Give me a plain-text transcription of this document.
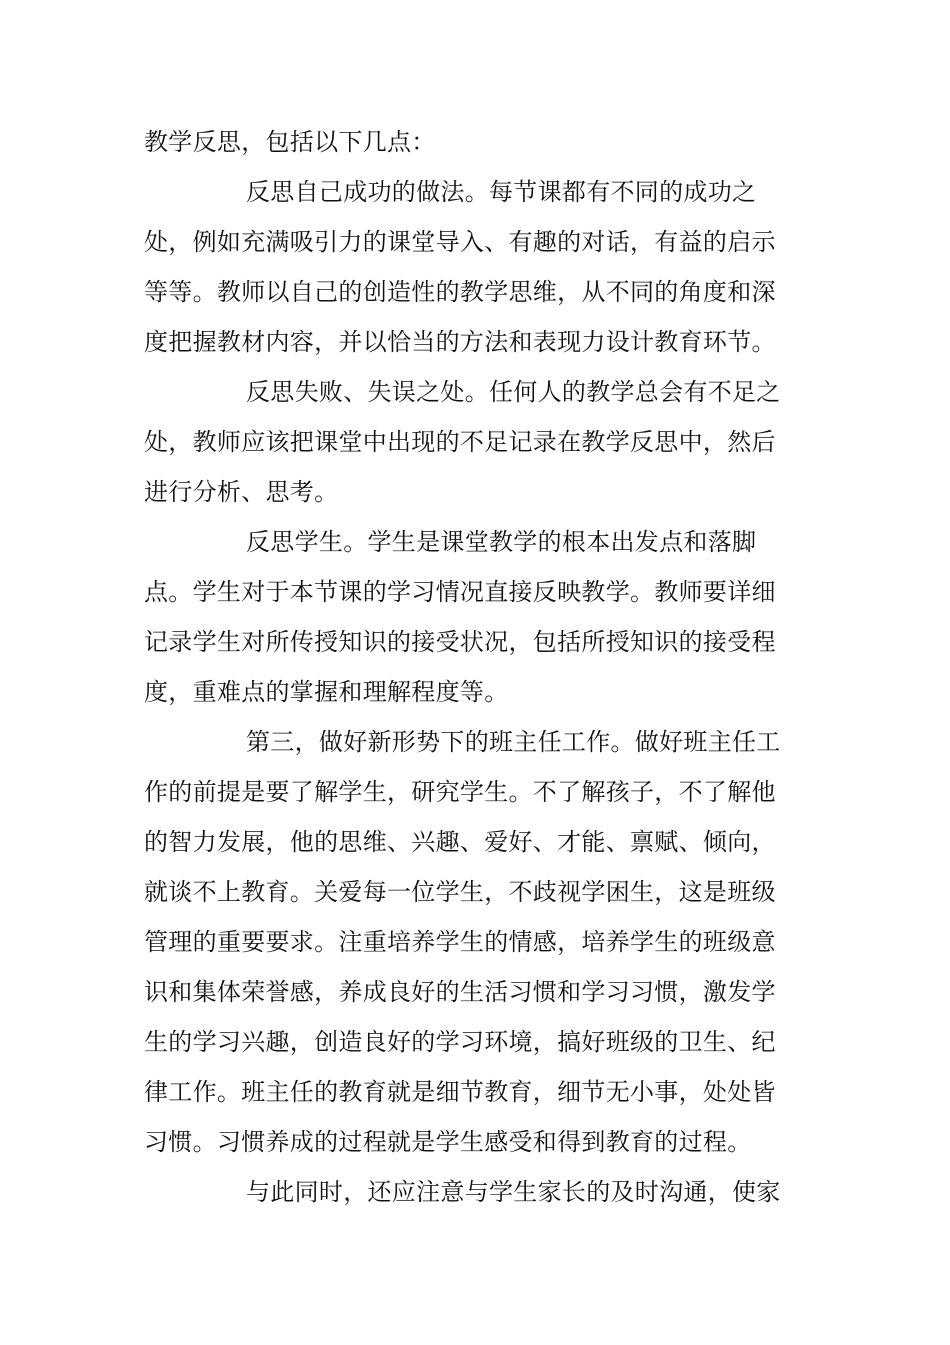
教学反思，包括以下几点：
反思自己成功的做法。每节课都有不同的成功之
处，例如充满吸引力的课堂导入、有趣的对话，有益的启示
等等。教师以自己的创造性的教学思维，从不同的角度和深
度把握教材内容，并以恰当的方法和表现力设计教育环节。
反思失败、失误之处。任何人的教学总会有不足之
处，教师应该把课堂中出现的不足记录在教学反思中，然后
进行分析、思考。
反思学生。学生是课堂教学的根本出发点和落脚
点。学生对于本节课的学习情况直接反映教学。教师要详细
记录学生对所传授知识的接受状况，包括所授知识的接受程
度，重难点的掌握和理解程度等。
第三，做好新形势下的班主任工作。做好班主任工
作的前提是要了解学生，研究学生。不了解孩子，不了解他
的智力发展，他的思维、兴趣、爱好、才能、禀赋、倾向，
就谈不上教育。关爱每一位学生，不歧视学困生，这是班级
管理的重要要求。注重培养学生的情感，培养学生的班级意
识和集体荣誉感，养成良好的生活习惯和学习习惯，激发学
生的学习兴趣，创造良好的学习环境，搞好班级的卫生、纪
律工作。班主任的教育就是细节教育，细节无小事，处处皆
习惯。习惯养成的过程就是学生感受和得到教育的过程。
与此同时，还应注意与学生家长的及时沟通，使家
